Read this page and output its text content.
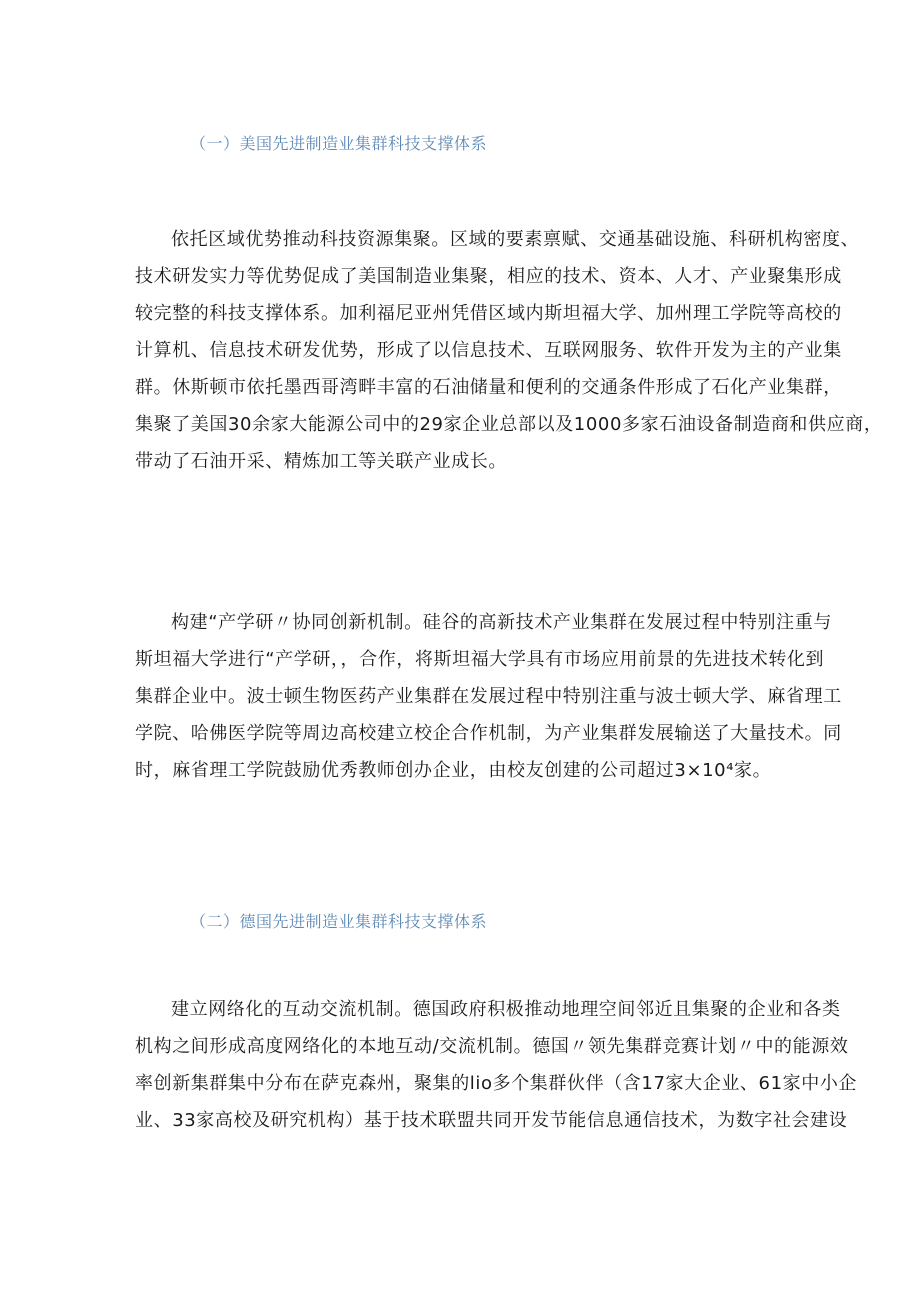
（一）美国先进制造业集群科技支撑体系
依托区域优势推动科技资源集聚。区域的要素禀赋、交通基础设施、科研机构密度、
技术研发实力等优势促成了美国制造业集聚，相应的技术、资本、人才、产业聚集形成
较完整的科技支撑体系。加利福尼亚州凭借区域内斯坦福大学、加州理工学院等高校的
计算机、信息技术研发优势，形成了以信息技术、互联网服务、软件开发为主的产业集
群。休斯顿市依托墨西哥湾畔丰富的石油储量和便利的交通条件形成了石化产业集群，
集聚了美国30余家大能源公司中的29家企业总部以及1000多家石油设备制造商和供应商，
带动了石油开采、精炼加工等关联产业成长。
构建“产学研〃协同创新机制。硅谷的高新技术产业集群在发展过程中特别注重与
斯坦福大学进行“产学研，，合作，将斯坦福大学具有市场应用前景的先进技术转化到
集群企业中。波士顿生物医药产业集群在发展过程中特别注重与波士顿大学、麻省理工
学院、哈佛医学院等周边高校建立校企合作机制，为产业集群发展输送了大量技术。同
时，麻省理工学院鼓励优秀教师创办企业，由校友创建的公司超过3×10⁴家。
（二）德国先进制造业集群科技支撑体系
建立网络化的互动交流机制。德国政府积极推动地理空间邻近且集聚的企业和各类
机构之间形成高度网络化的本地互动/交流机制。德国〃领先集群竞赛计划〃中的能源效
率创新集群集中分布在萨克森州，聚集的lio多个集群伙伴（含17家大企业、61家中小企
业、33家高校及研究机构）基于技术联盟共同开发节能信息通信技术，为数字社会建设
